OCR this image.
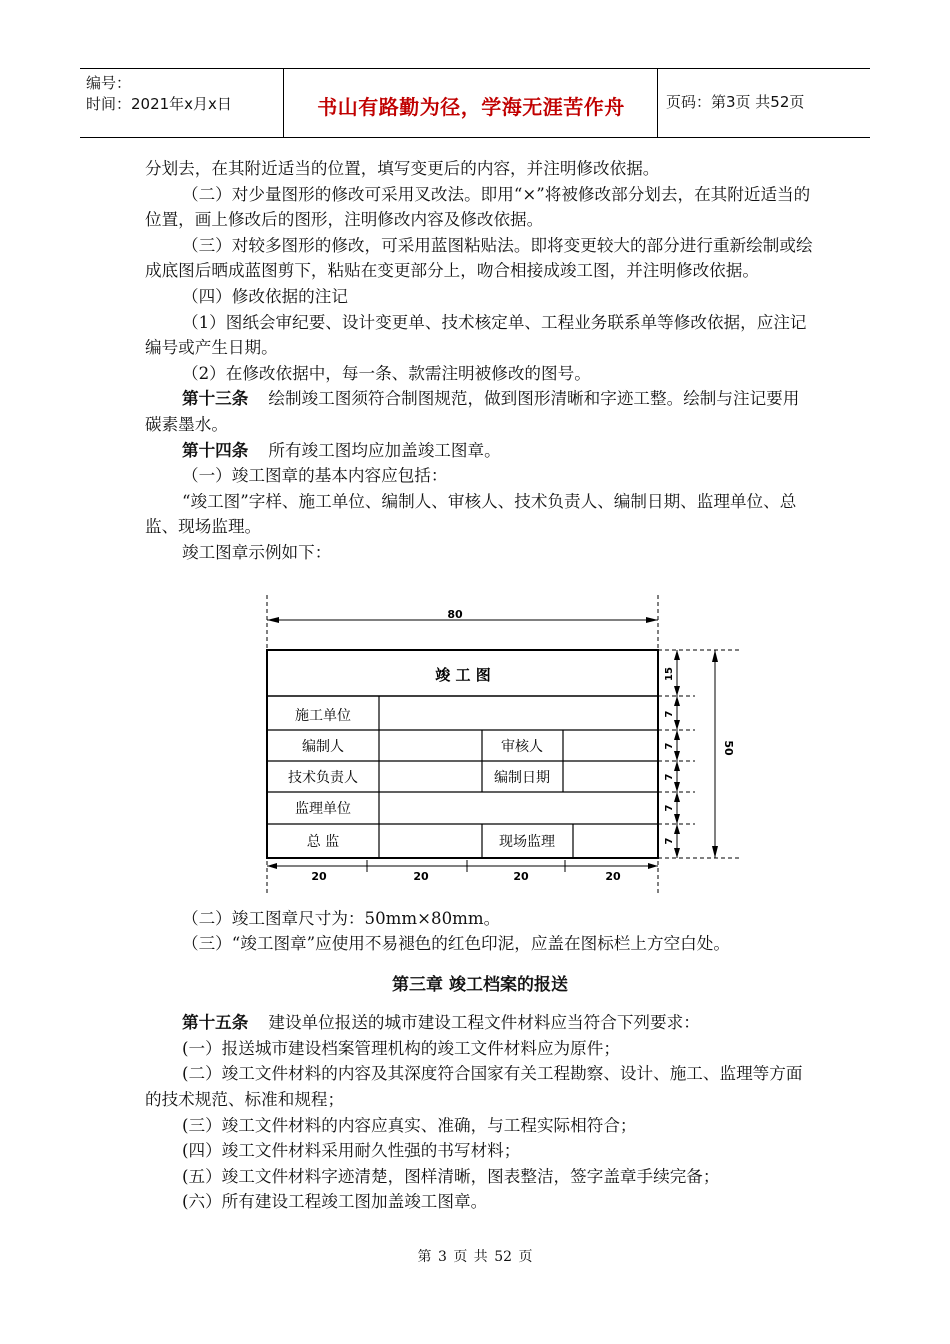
编号：
时间：2021年x月x日	书山有路勤为径，学海无涯苦作舟	页码：第3页 共52页

分划去，在其附近适当的位置，填写变更后的内容，并注明修改依据。

（二）对少量图形的修改可采用叉改法。即用“×”将被修改部分划去，在其附近适当的位置，画上修改后的图形，注明修改内容及修改依据。

（三）对较多图形的修改，可采用蓝图粘贴法。即将变更较大的部分进行重新绘制或绘成底图后晒成蓝图剪下，粘贴在变更部分上，吻合相接成竣工图，并注明修改依据。

（四）修改依据的注记

（1）图纸会审纪要、设计变更单、技术核定单、工程业务联系单等修改依据，应注记编号或产生日期。

（2）在修改依据中，每一条、款需注明被修改的图号。

第十三条 绘制竣工图须符合制图规范，做到图形清晰和字迹工整。绘制与注记要用碳素墨水。

第十四条 所有竣工图均应加盖竣工图章。

（一）竣工图章的基本内容应包括：

“竣工图”字样、施工单位、编制人、审核人、技术负责人、编制日期、监理单位、总监、现场监理。

竣工图章示例如下：

（二）竣工图章尺寸为：50mm×80mm。

（三）“竣工图章”应使用不易褪色的红色印泥，应盖在图标栏上方空白处。

第三章 竣工档案的报送

第十五条 建设单位报送的城市建设工程文件材料应当符合下列要求：

(一）报送城市建设档案管理机构的竣工文件材料应为原件；

(二）竣工文件材料的内容及其深度符合国家有关工程勘察、设计、施工、监理等方面的技术规范、标准和规程；

(三）竣工文件材料的内容应真实、准确，与工程实际相符合；

(四）竣工文件材料采用耐久性强的书写材料；

(五）竣工文件材料字迹清楚，图样清晰，图表整洁，签字盖章手续完备；

(六）所有建设工程竣工图加盖竣工图章。

80
竣 工 图
施工单位
编制人	审核人
技术负责人	编制日期
监理单位
总 监	现场监理
20	20	20	20
15
7
7
7
7
7
50
第 3 页 共 52 页
